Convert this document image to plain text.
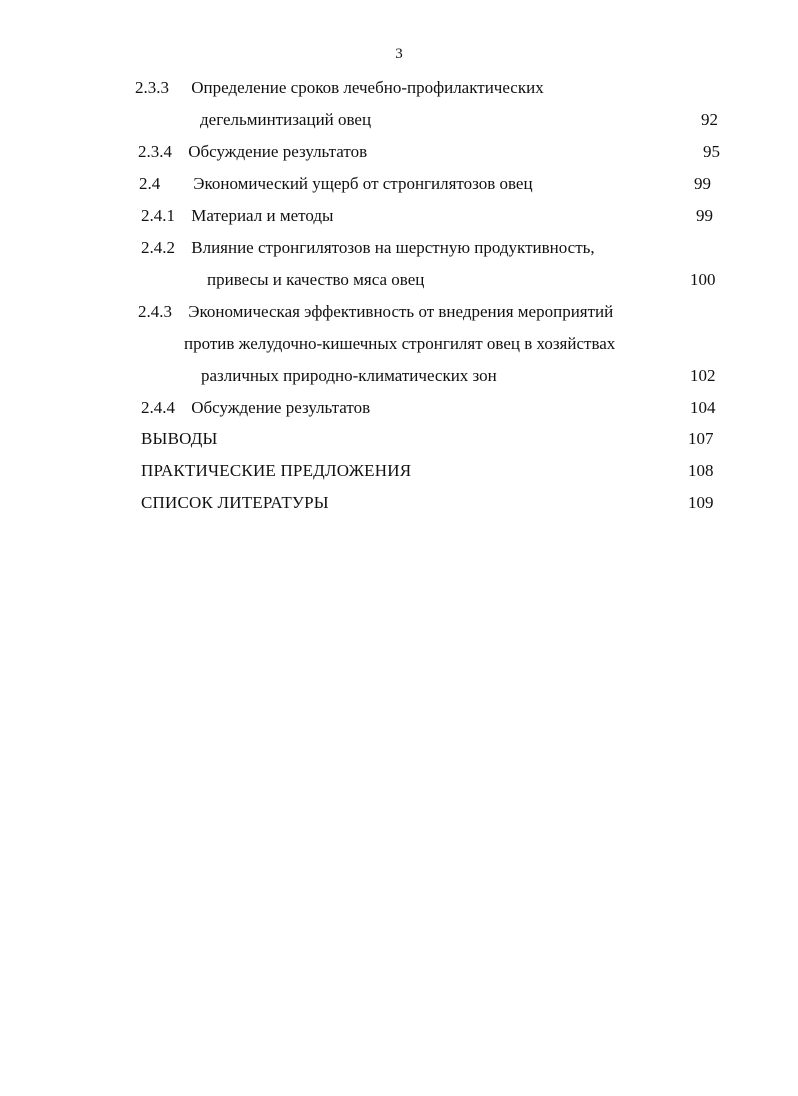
3
2.3.3 Определение сроков лечебно-профилактических
дегельминтизаций овец	92
2.3.4 Обсуждение результатов	95
2.4 Экономический ущерб от стронгилятозов овец	99
2.4.1 Материал и методы	99
2.4.2 Влияние стронгилятозов на шерстную продуктивность,
привесы и качество мяса овец	100
2.4.3 Экономическая эффективность от внедрения мероприятий
против желудочно-кишечных стронгилят овец в хозяйствах
различных природно-климатических зон	102
2.4.4 Обсуждение результатов	104
ВЫВОДЫ	107
ПРАКТИЧЕСКИЕ ПРЕДЛОЖЕНИЯ	108
СПИСОК ЛИТЕРАТУРЫ	109
